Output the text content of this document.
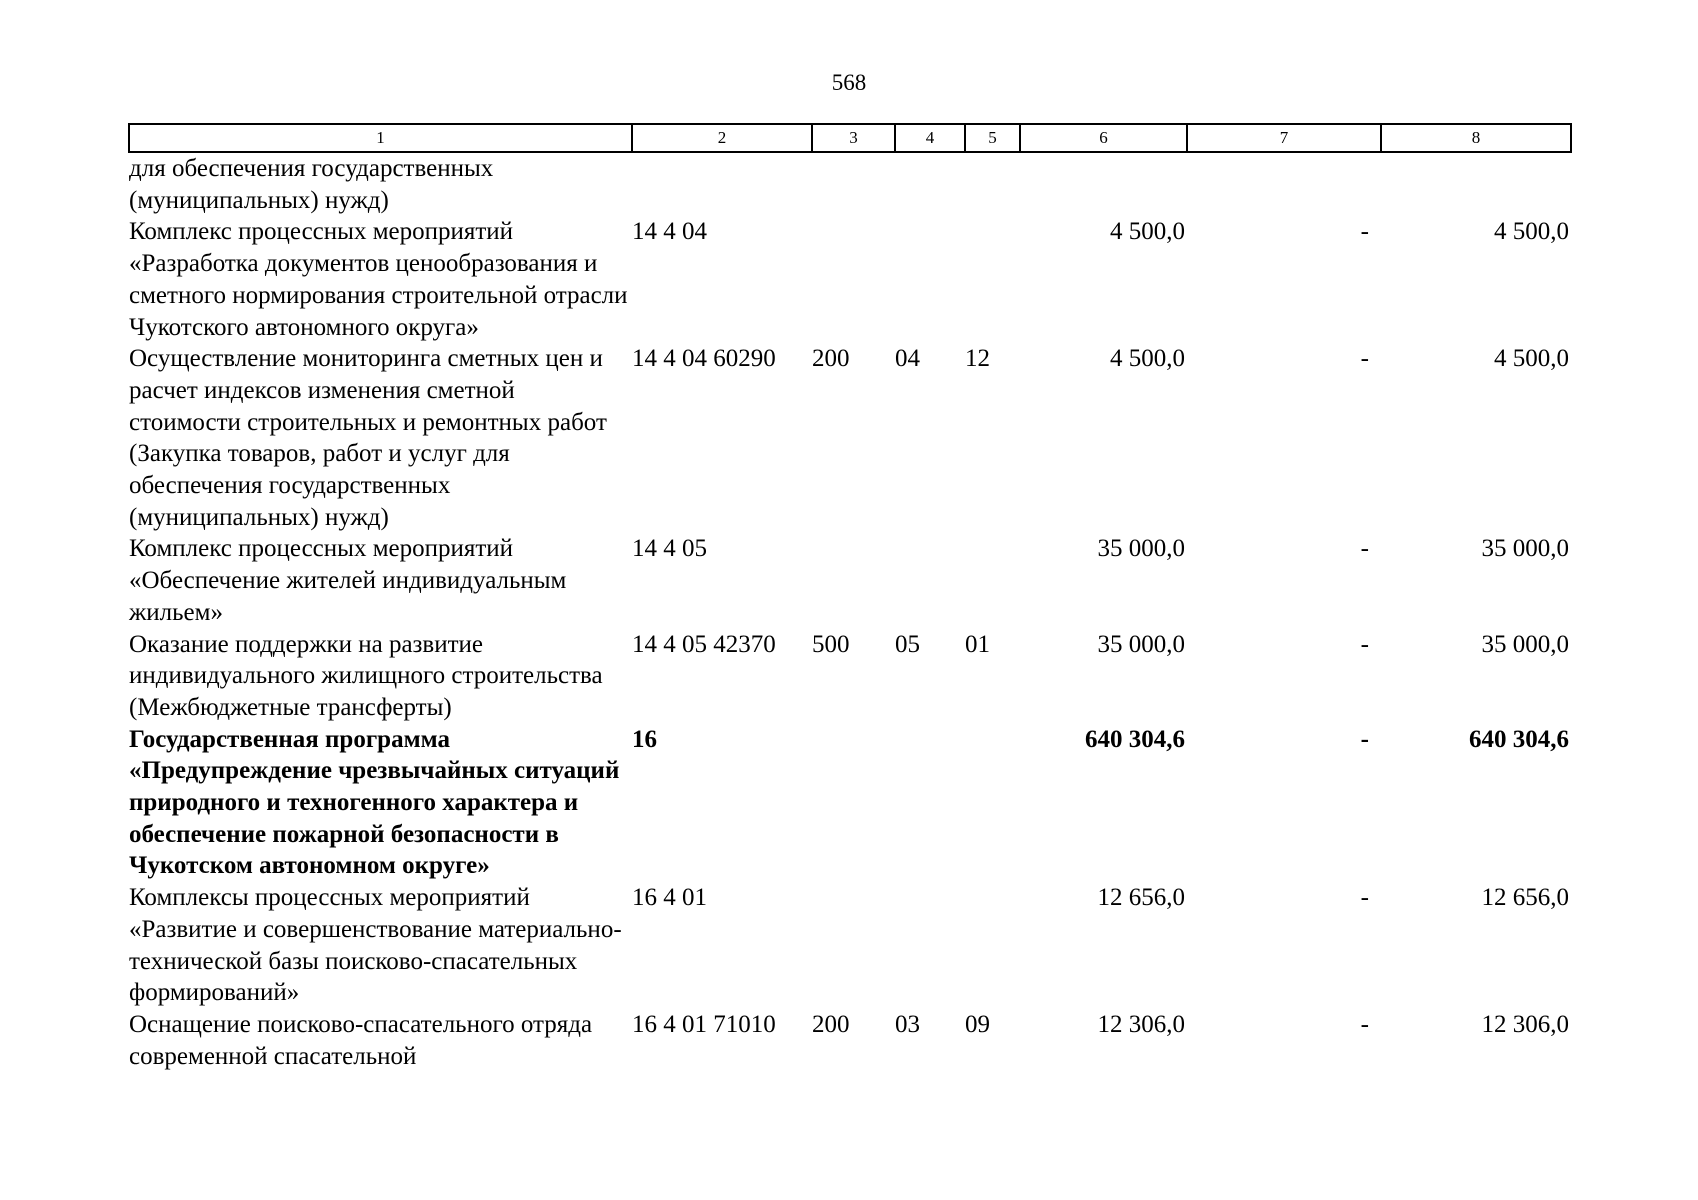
568
1	2	3	4	5	6	7	8
для обеспечения государственных (муниципальных) нужд)							
Комплекс процессных мероприятий «Разработка документов ценообразования и сметного нормирования строительной отрасли Чукотского автономного округа»	14 4 04				4 500,0	-	4 500,0
Осуществление мониторинга сметных цен и расчет индексов изменения сметной стоимости строительных и ремонтных работ (Закупка товаров, работ и услуг для обеспечения государственных (муниципальных) нужд)	14 4 04 60290	200	04	12	4 500,0	-	4 500,0
Комплекс процессных мероприятий «Обеспечение жителей индивидуальным жильем»	14 4 05				35 000,0	-	35 000,0
Оказание поддержки на развитие индивидуального жилищного строительства (Межбюджетные трансферты)	14 4 05 42370	500	05	01	35 000,0	-	35 000,0
Государственная программа «Предупреждение чрезвычайных ситуаций природного и техногенного характера и обеспечение пожарной безопасности в Чукотском автономном округе»	16				640 304,6	-	640 304,6
Комплексы процессных мероприятий «Развитие и совершенствование материально-технической базы поисково-спасательных формирований»	16 4 01				12 656,0	-	12 656,0
Оснащение поисково-спасательного отряда современной спасательной	16 4 01 71010	200	03	09	12 306,0	-	12 306,0
